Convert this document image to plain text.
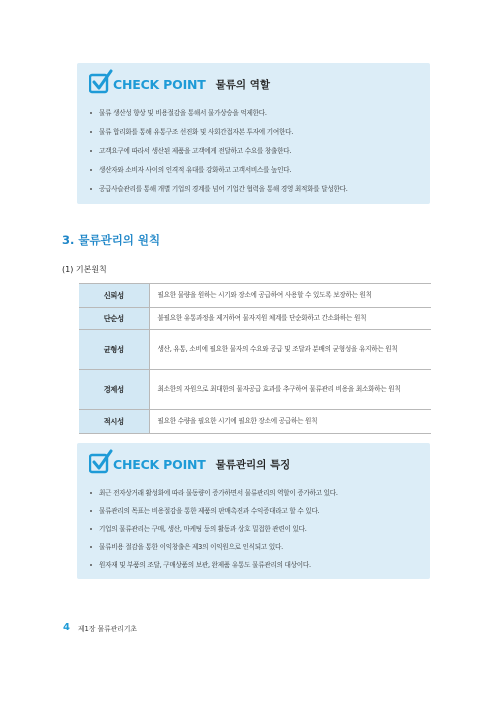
CHECK POINT 물류의 역할
물류 생산성 향상 및 비용절감을 통해서 물가상승을 억제한다.
물류 합리화를 통해 유통구조 선진화 및 사회간접자본 투자에 기여한다.
고객요구에 따라서 생산된 제품을 고객에게 전달하고 수요를 창출한다.
생산자와 소비자 사이의 인격적 유대를 강화하고 고객서비스를 높인다.
공급사슬관리를 통해 개별 기업의 경계를 넘어 기업간 협력을 통해 경영 최적화를 달성한다.
3. 물류관리의 원칙
(1) 기본원칙
신뢰성	필요한 물량을 원하는 시기와 장소에 공급하여 사용할 수 있도록 보장하는 원칙
단순성	불필요한 유통과정을 제거하여 물자지원 체계를 단순화하고 간소화하는 원칙
균형성	생산, 유통, 소비에 필요한 물자의 수요와 공급 및 조달과 분배의 균형성을 유지하는 원칙
경제성	최소한의 자원으로 최대한의 물자공급 효과를 추구하여 물류관리 비용을 최소화하는 원칙
적시성	필요한 수량을 필요한 시기에 필요한 장소에 공급하는 원칙
CHECK POINT 물류관리의 특징
최근 전자상거래 활성화에 따라 물동량이 증가하면서 물류관리의 역할이 증가하고 있다.
물류관리의 목표는 비용절감을 통한 제품의 판매촉진과 수익증대라고 할 수 있다.
기업의 물류관리는 구매, 생산, 마케팅 등의 활동과 상호 밀접한 관련이 있다.
물류비용 절감을 통한 이익창출은 제3의 이익원으로 인식되고 있다.
원자재 및 부품의 조달, 구매상품의 보관, 완제품 유통도 물류관리의 대상이다.
4 제1장 물류관리기초
